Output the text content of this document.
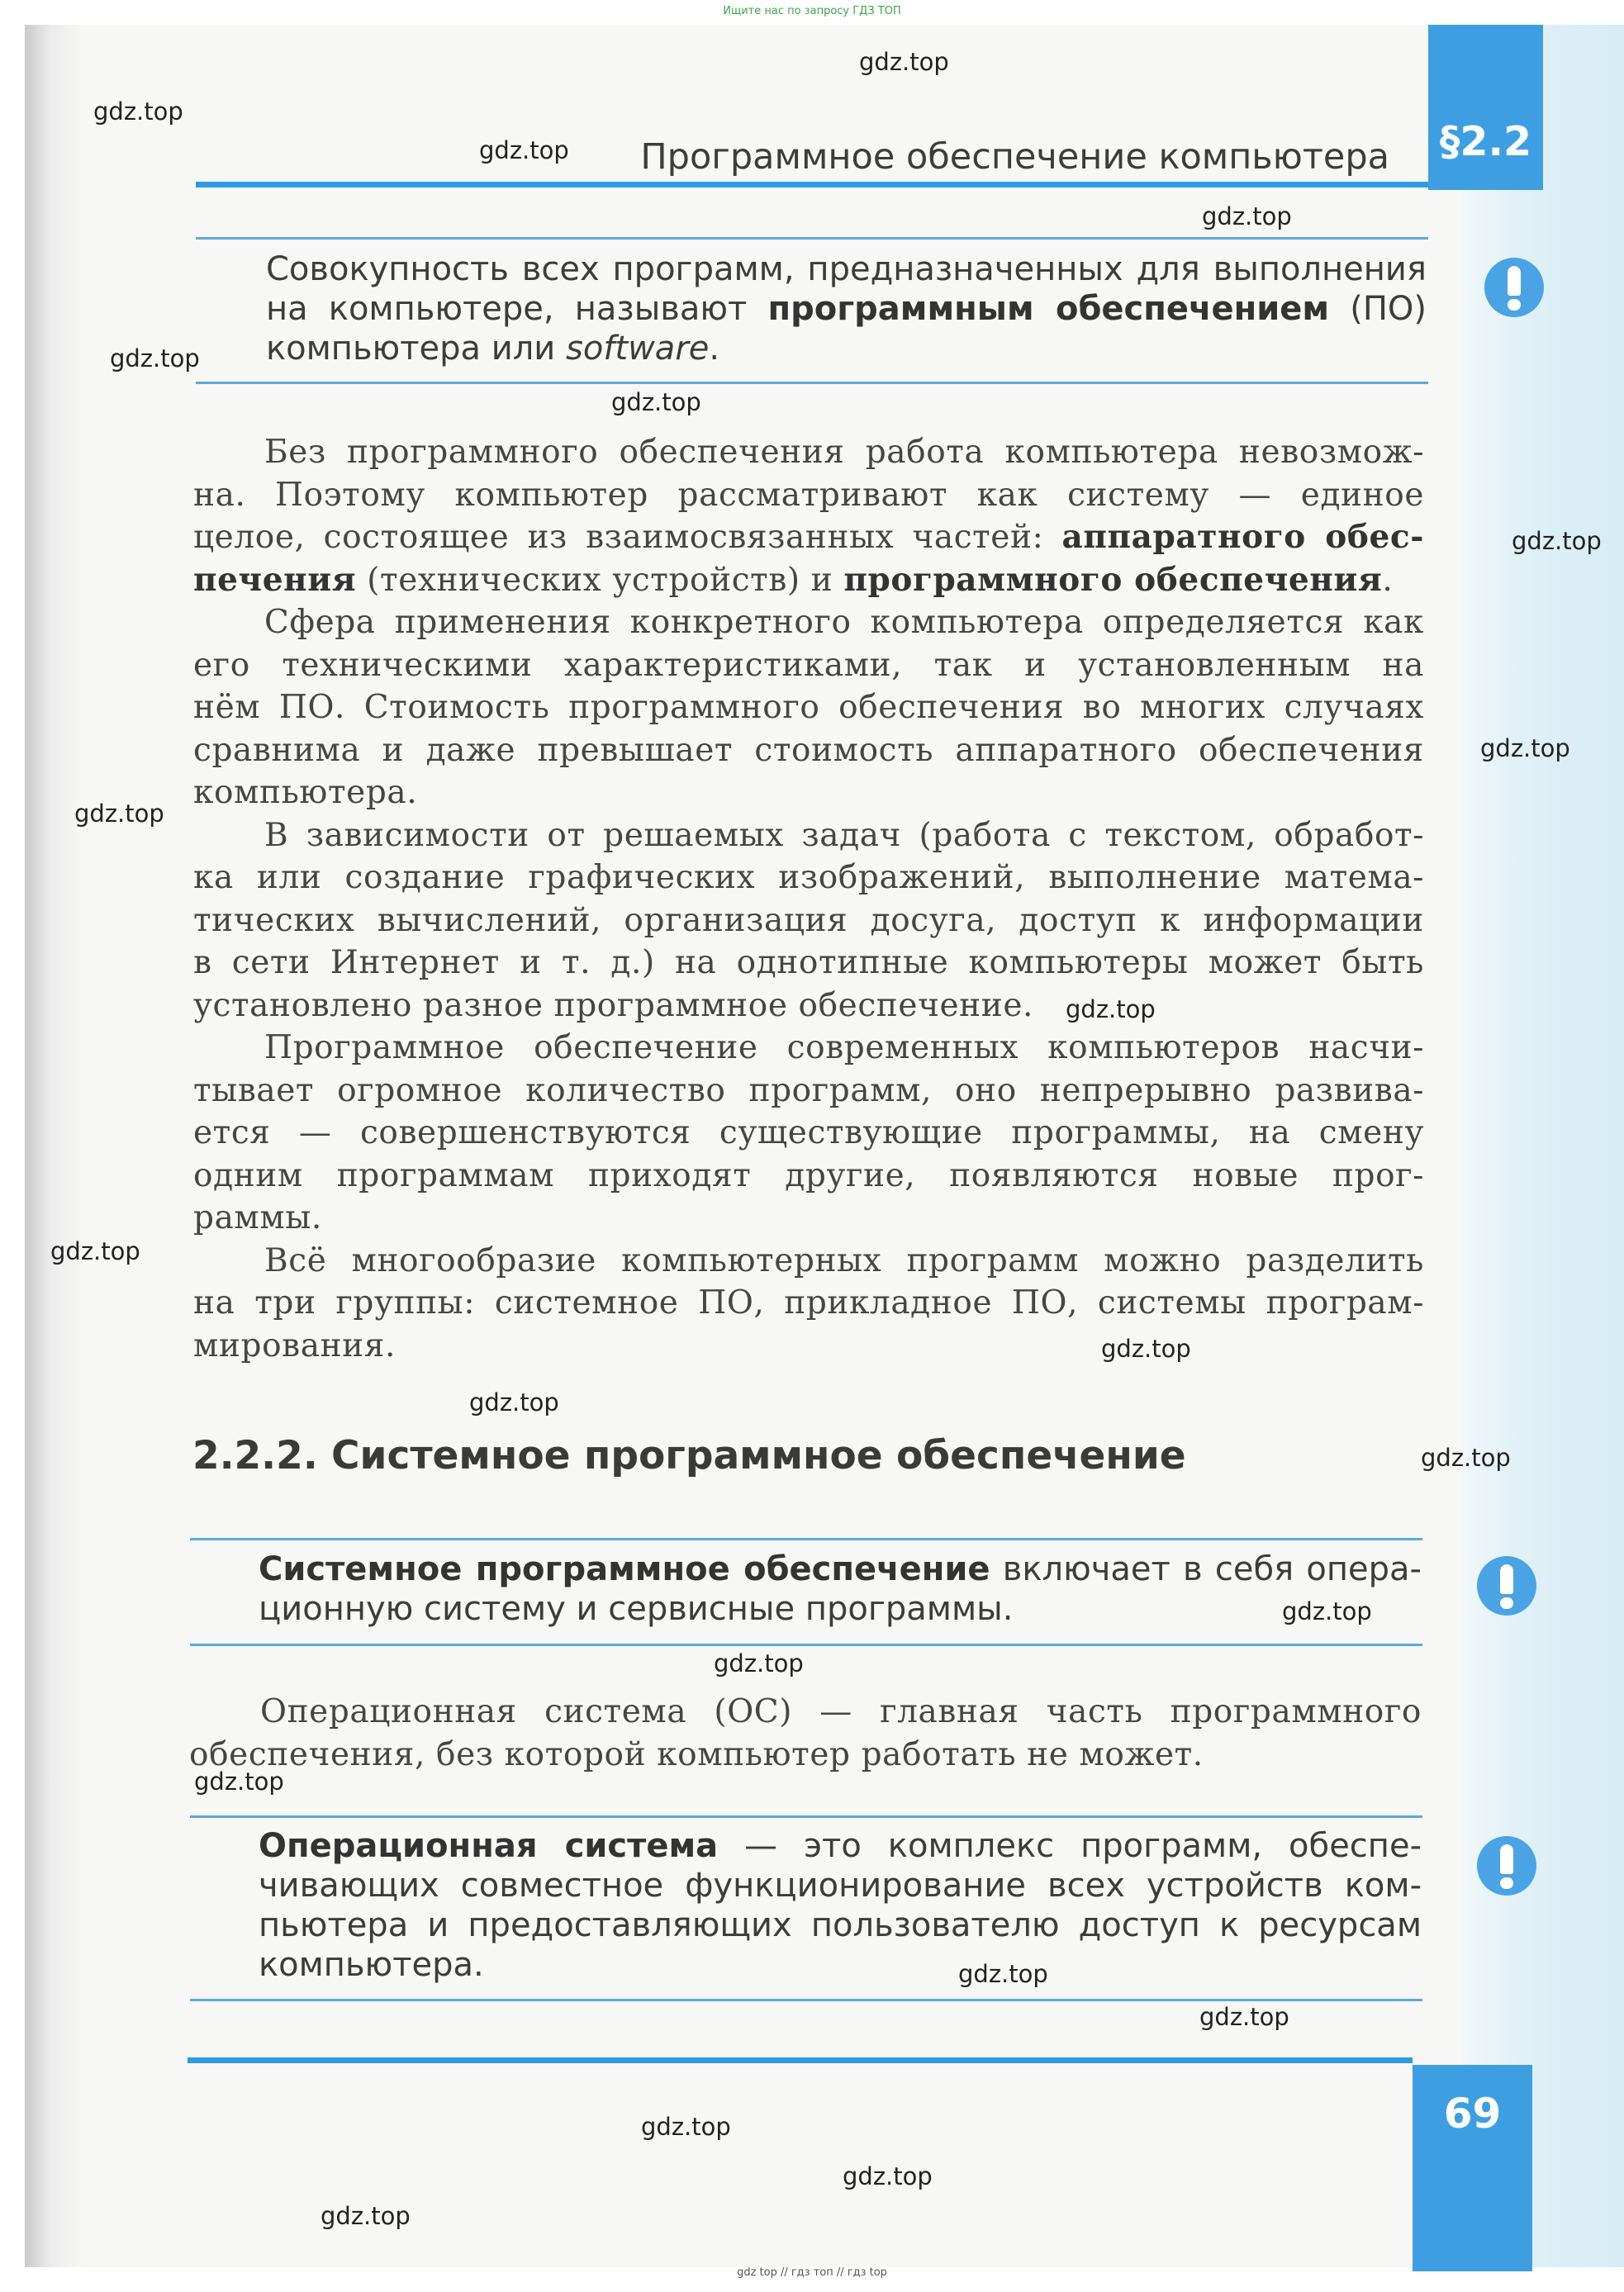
Ищите нас по запросу ГДЗ ТОП
Программное обеспечение компьютера §2.2
Совокупность всех программ, предназначенных для выполнения
на компьютере, называют программным обеспечением (ПО)
компьютера или software.

Без программного обеспечения работа компьютера невозмож-
на. Поэтому компьютер рассматривают как систему — единое
целое, состоящее из взаимосвязанных частей: аппаратного обес-
печения (технических устройств) и программного обеспечения.

Сфера применения конкретного компьютера определяется как
его техническими характеристиками, так и установленным на
нём ПО. Стоимость программного обеспечения во многих случаях
сравнима и даже превышает стоимость аппаратного обеспечения
компьютера.

В зависимости от решаемых задач (работа с текстом, обработ-
ка или создание графических изображений, выполнение матема-
тических вычислений, организация досуга, доступ к информации
в сети Интернет и т. д.) на однотипные компьютеры может быть
установлено разное программное обеспечение.

Программное обеспечение современных компьютеров насчи-
тывает огромное количество программ, оно непрерывно развива-
ется — совершенствуются существующие программы, на смену
одним программам приходят другие, появляются новые прог-
раммы.

Всё многообразие компьютерных программ можно разделить
на три группы: системное ПО, прикладное ПО, системы програм-
мирования.

2.2.2. Системное программное обеспечение
Системное программное обеспечение включает в себя опера-
ционную систему и сервисные программы.

Операционная система (ОС) — главная часть программного
обеспечения, без которой компьютер работать не может.

Операционная система — это комплекс программ, обеспе-
чивающих совместное функционирование всех устройств ком-
пьютера и предоставляющих пользователю доступ к ресурсам
компьютера.
69
gdz top // гдз топ // гдз top
gdz.top
gdz.top
gdz.top
gdz.top
gdz.top
gdz.top
gdz.top
gdz.top
gdz.top
gdz.top
gdz.top
gdz.top
gdz.top
gdz.top
gdz.top
gdz.top
gdz.top
gdz.top
gdz.top
gdz.top
gdz.top
gdz.top
